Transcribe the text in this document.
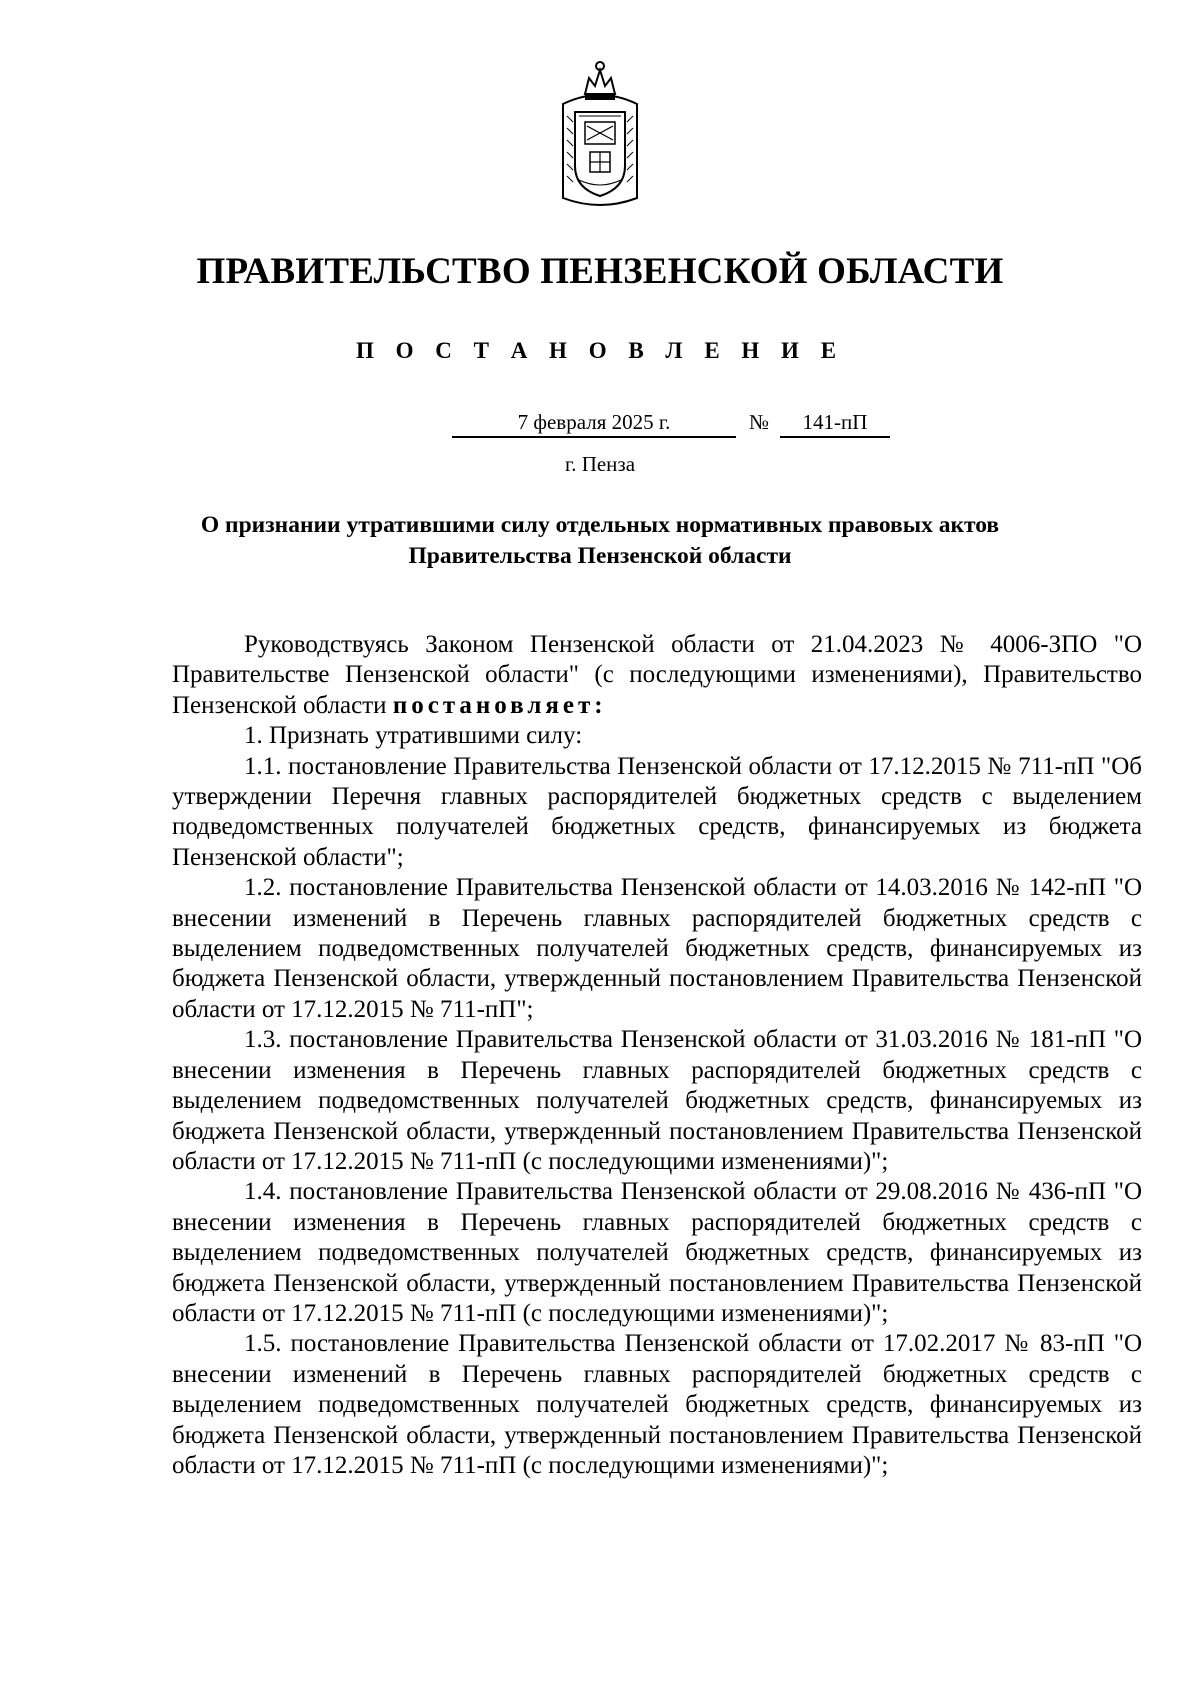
ПРАВИТЕЛЬСТВО ПЕНЗЕНСКОЙ ОБЛАСТИ
П О С Т А Н О В Л Е Н И Е
7 февраля 2025 г.	№	141-пП
г. Пенза
О признании утратившими силу отдельных нормативных правовых актов
Правительства Пензенской области

Руководствуясь Законом Пензенской области от 21.04.2023 № 4006-ЗПО "О Правительстве Пензенской области" (с последующими изменениями), Правительство Пензенской области постановляет:

1. Признать утратившими силу:

1.1. постановление Правительства Пензенской области от 17.12.2015 № 711-пП "Об утверждении Перечня главных распорядителей бюджетных средств с выделением подведомственных получателей бюджетных средств, финансируемых из бюджета Пензенской области";

1.2. постановление Правительства Пензенской области от 14.03.2016 № 142-пП "О внесении изменений в Перечень главных распорядителей бюджетных средств с выделением подведомственных получателей бюджетных средств, финансируемых из бюджета Пензенской области, утвержденный постановлением Правительства Пензенской области от 17.12.2015 № 711-пП";

1.3. постановление Правительства Пензенской области от 31.03.2016 № 181-пП "О внесении изменения в Перечень главных распорядителей бюджетных средств с выделением подведомственных получателей бюджетных средств, финансируемых из бюджета Пензенской области, утвержденный постановлением Правительства Пензенской области от 17.12.2015 № 711-пП (с последующими изменениями)";

1.4. постановление Правительства Пензенской области от 29.08.2016 № 436-пП "О внесении изменения в Перечень главных распорядителей бюджетных средств с выделением подведомственных получателей бюджетных средств, финансируемых из бюджета Пензенской области, утвержденный постановлением Правительства Пензенской области от 17.12.2015 № 711-пП (с последующими изменениями)";

1.5. постановление Правительства Пензенской области от 17.02.2017 № 83-пП "О внесении изменений в Перечень главных распорядителей бюджетных средств с выделением подведомственных получателей бюджетных средств, финансируемых из бюджета Пензенской области, утвержденный постановлением Правительства Пензенской области от 17.12.2015 № 711-пП (с последующими изменениями)";
